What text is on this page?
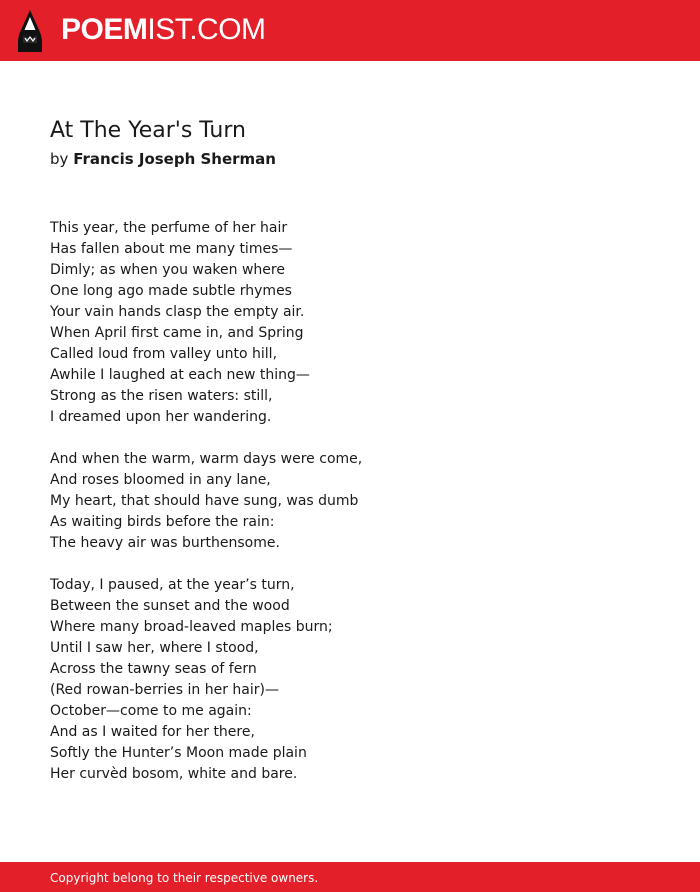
POEMIST.COM
At The Year's Turn
by Francis Joseph Sherman
This year, the perfume of her hair
Has fallen about me many times—
Dimly; as when you waken where
One long ago made subtle rhymes
Your vain hands clasp the empty air.
When April first came in, and Spring
Called loud from valley unto hill,
Awhile I laughed at each new thing—
Strong as the risen waters: still,
I dreamed upon her wandering.
And when the warm, warm days were come,
And roses bloomed in any lane,
My heart, that should have sung, was dumb
As waiting birds before the rain:
The heavy air was burthensome.
Today, I paused, at the year’s turn,
Between the sunset and the wood
Where many broad-leaved maples burn;
Until I saw her, where I stood,
Across the tawny seas of fern
(Red rowan-berries in her hair)—
October—come to me again:
And as I waited for her there,
Softly the Hunter’s Moon made plain
Her curvèd bosom, white and bare.
Copyright belong to their respective owners.
